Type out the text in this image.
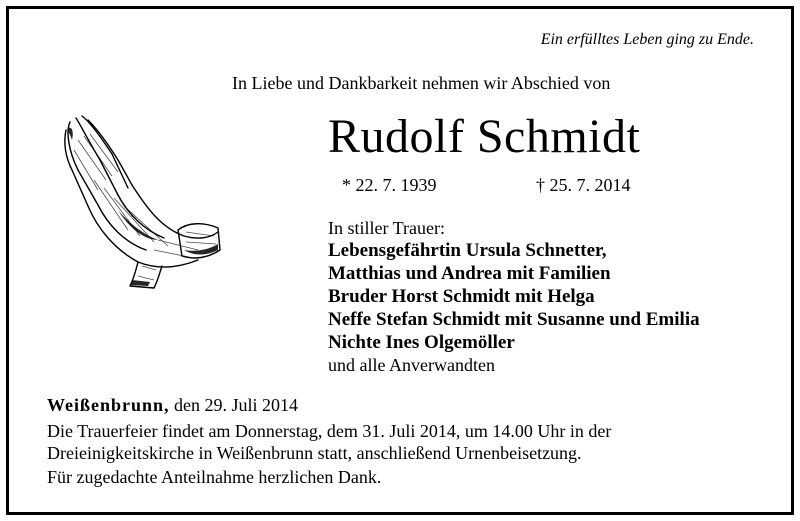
Ein erfülltes Leben ging zu Ende.
In Liebe und Dankbarkeit nehmen wir Abschied von
Rudolf Schmidt
* 22. 7. 1939	† 25. 7. 2014

In stiller Trauer:

Lebensgefährtin Ursula Schnetter,
Matthias und Andrea mit Familien
Bruder Horst Schmidt mit Helga
Neffe Stefan Schmidt mit Susanne und Emilia
Nichte Ines Olgemöller

und alle Anverwandten

Weißenbrunn, den 29. Juli 2014

Die Trauerfeier findet am Donnerstag, dem 31. Juli 2014, um 14.00 Uhr in der Dreieinigkeitskirche in Weißenbrunn statt, anschließend Urnenbeisetzung.

Für zugedachte Anteilnahme herzlichen Dank.
